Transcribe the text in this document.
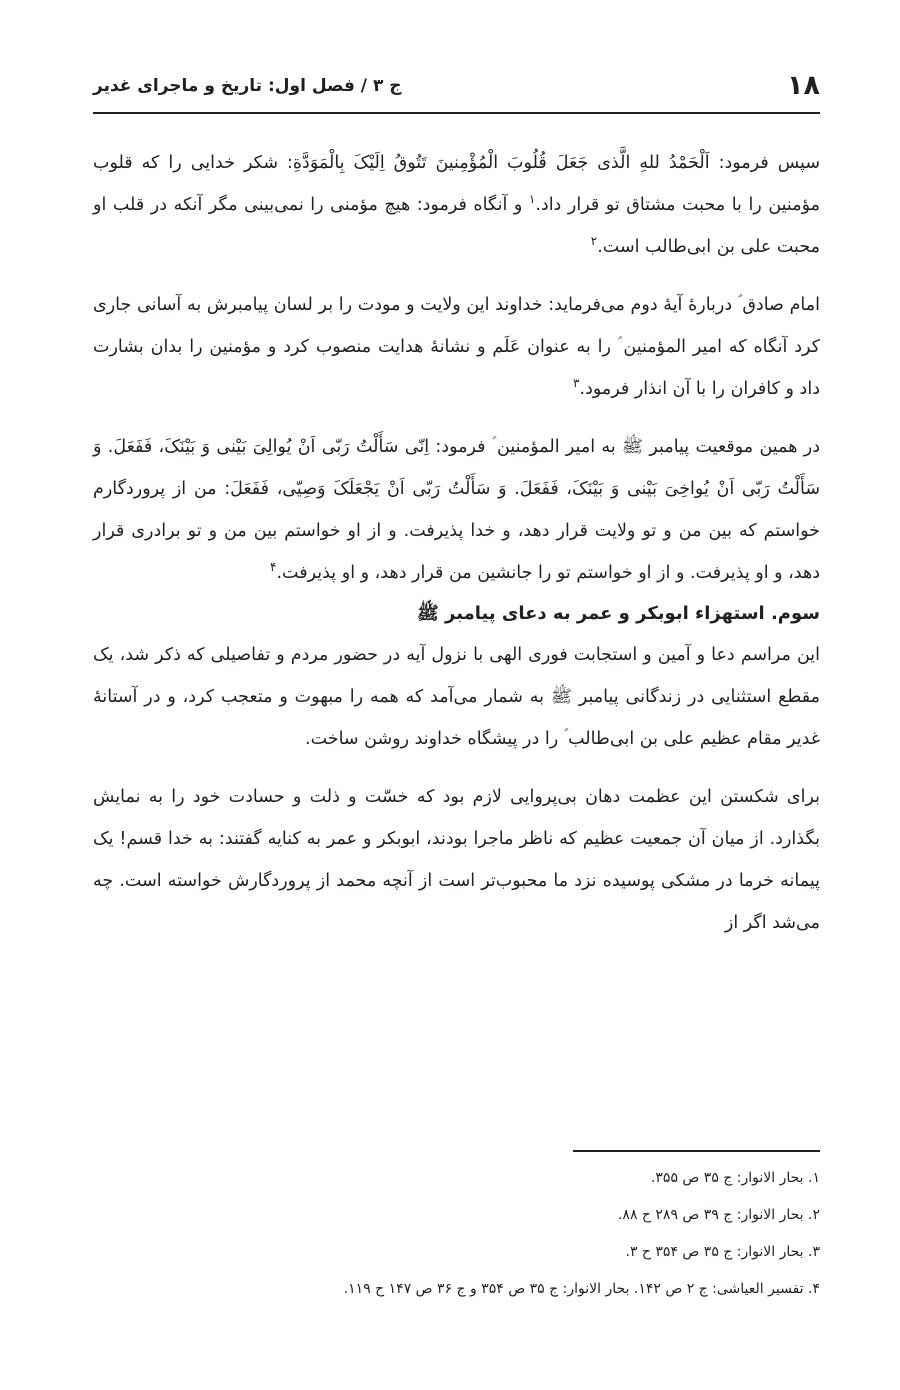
۱۸
ج ۳ / فصل اول: تاریخ و ماجرای غدیر

سپس فرمود: اَلْحَمْدُ للهِ الَّذی جَعَلَ قُلُوبَ الْمُؤْمِنینَ تَتُوقُ اِلَیْکَ بِالْمَوَدَّةِ: شکر خدایی را که قلوب مؤمنین را با محبت مشتاق تو قرار داد.$^۱$ و آنگاه فرمود: هیچ مؤمنی را نمی‌بینی مگر آنکه در قلب او محبت علی بن ابی‌طالب است.$^۲$

امام صادق ؑ دربارهٔ آیهٔ دوم می‌فرماید: خداوند این ولایت و مودت را بر لسان پیامبرش به آسانی جاری کرد آنگاه که امیر المؤمنین ؑ را به عنوان عَلَم و نشانهٔ هدایت منصوب کرد و مؤمنین را بدان بشارت داد و کافران را با آن انذار فرمود.$^۳$

در همین موقعیت پیامبر ﷺ به امیر المؤمنین ؑ فرمود: اِنّی سَأَلْتُ رَبّی اَنْ یُوالِیَ بَیْنی وَ بَیْنَکَ، فَفَعَلَ. وَ سَأَلْتُ رَبّی اَنْ یُواخِیَ بَیْنی وَ بَیْنَکَ، فَفَعَلَ. وَ سَأَلْتُ رَبّی اَنْ یَجْعَلَکَ وَصِیّی، فَفَعَلَ: من از پروردگارم خواستم که بین من و تو ولایت قرار دهد، و خدا پذیرفت. و از او خواستم بین من و تو برادری قرار دهد، و او پذیرفت. و از او خواستم تو را جانشین من قرار دهد، و او پذیرفت.$^۴$

سوم. استهزاء ابوبکر و عمر به دعای پیامبر ﷺ

این مراسم دعا و آمین و استجابت فوری الهی با نزول آیه در حضور مردم و تفاصیلی که ذکر شد، یک مقطع استثنایی در زندگانی پیامبر ﷺ به شمار می‌آمد که همه را مبهوت و متعجب کرد، و در آستانهٔ غدیر مقام عظیم علی بن ابی‌طالب ؑ را در پیشگاه خداوند روشن ساخت.

برای شکستن این عظمت دهان بی‌پروایی لازم بود که خسّت و ذلت و حسادت خود را به نمایش بگذارد. از میان آن جمعیت عظیم که ناظر ماجرا بودند، ابوبکر و عمر به کنایه گفتند: به خدا قسم! یک پیمانه خرما در مشکی پوسیده نزد ما محبوب‌تر است از آنچه محمد از پروردگارش خواسته است. چه می‌شد اگر از

۱. بحار الانوار: ج ۳۵ ص ۳۵۵.

۲. بحار الانوار: ج ۳۹ ص ۲۸۹ ح ۸۸.

۳. بحار الانوار: ج ۳۵ ص ۳۵۴ ح ۳.

۴. تفسیر العیاشی: ج ۲ ص ۱۴۲. بحار الانوار: ج ۳۵ ص ۳۵۴ و ج ۳۶ ص ۱۴۷ ح ۱۱۹.
